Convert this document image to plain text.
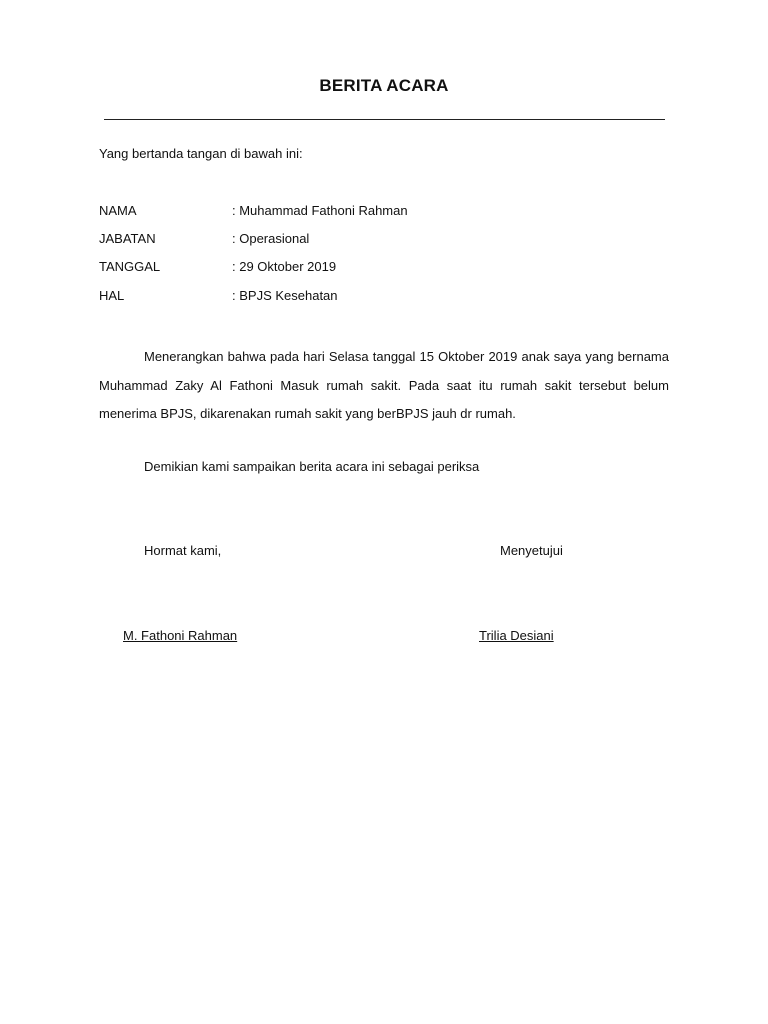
BERITA ACARA
Yang bertanda tangan di bawah ini:
NAMA	: Muhammad Fathoni Rahman
JABATAN	: Operasional
TANGGAL	: 29 Oktober 2019
HAL	: BPJS Kesehatan
Menerangkan bahwa pada hari Selasa tanggal 15 Oktober 2019 anak saya yang bernama Muhammad Zaky Al Fathoni Masuk rumah sakit. Pada saat itu rumah sakit tersebut belum menerima BPJS, dikarenakan rumah sakit yang berBPJS jauh dr rumah.
Demikian kami sampaikan berita acara ini sebagai periksa
Hormat kami,	Menyetujui
M. Fathoni Rahman	Trilia Desiani
